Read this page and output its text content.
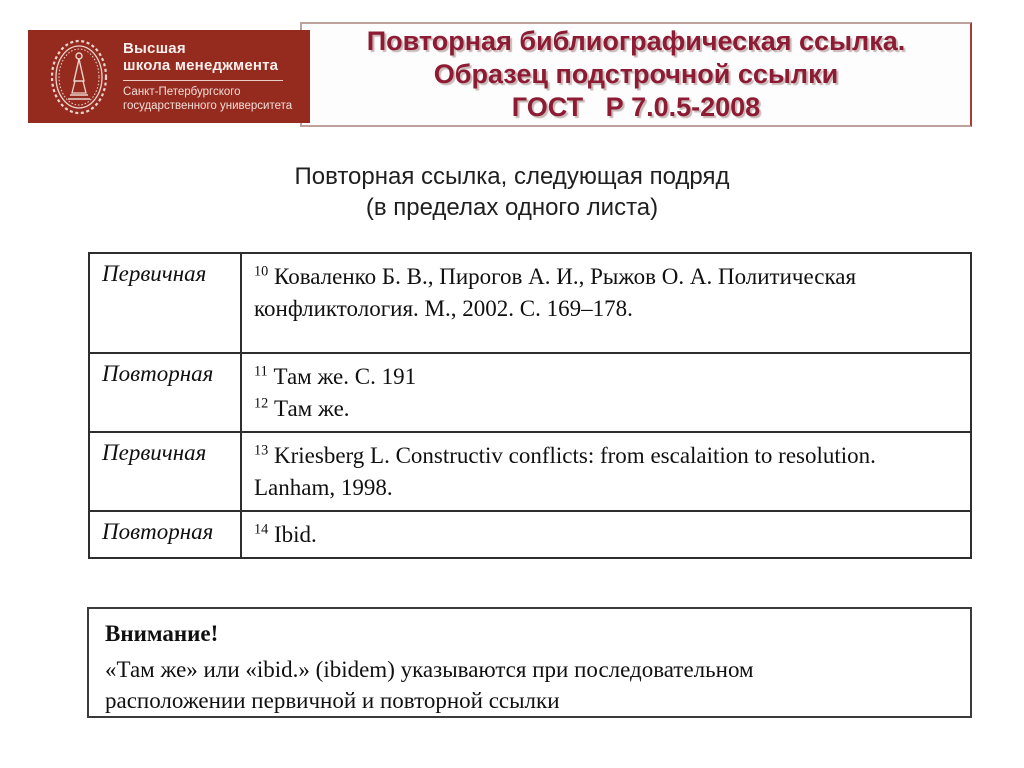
Повторная библиографическая ссылка.
Образец подстрочной ссылки
ГОСТ   Р 7.0.5-2008
Высшая
школа менеджмента
Санкт-Петербургского
государственного университета
Повторная ссылка, следующая подряд
(в пределах одного листа)
Первичная	$^{10}$ Коваленко Б. В., Пирогов А. И., Рыжов О. А. Политическая конфликтология. М., 2002. С. 169–178.

Повторная	$^{11}$ Там же. С. 191
$^{12}$ Там же.

Первичная	$^{13}$ Kriesberg L. Constructiv conflicts: from escalaition to resolution. Lanham, 1998.

Повторная	$^{14}$ Ibid.
Внимание!
«Там же» или «ibid.» (ibidem) указываются при последовательном
расположении первичной и повторной ссылки
